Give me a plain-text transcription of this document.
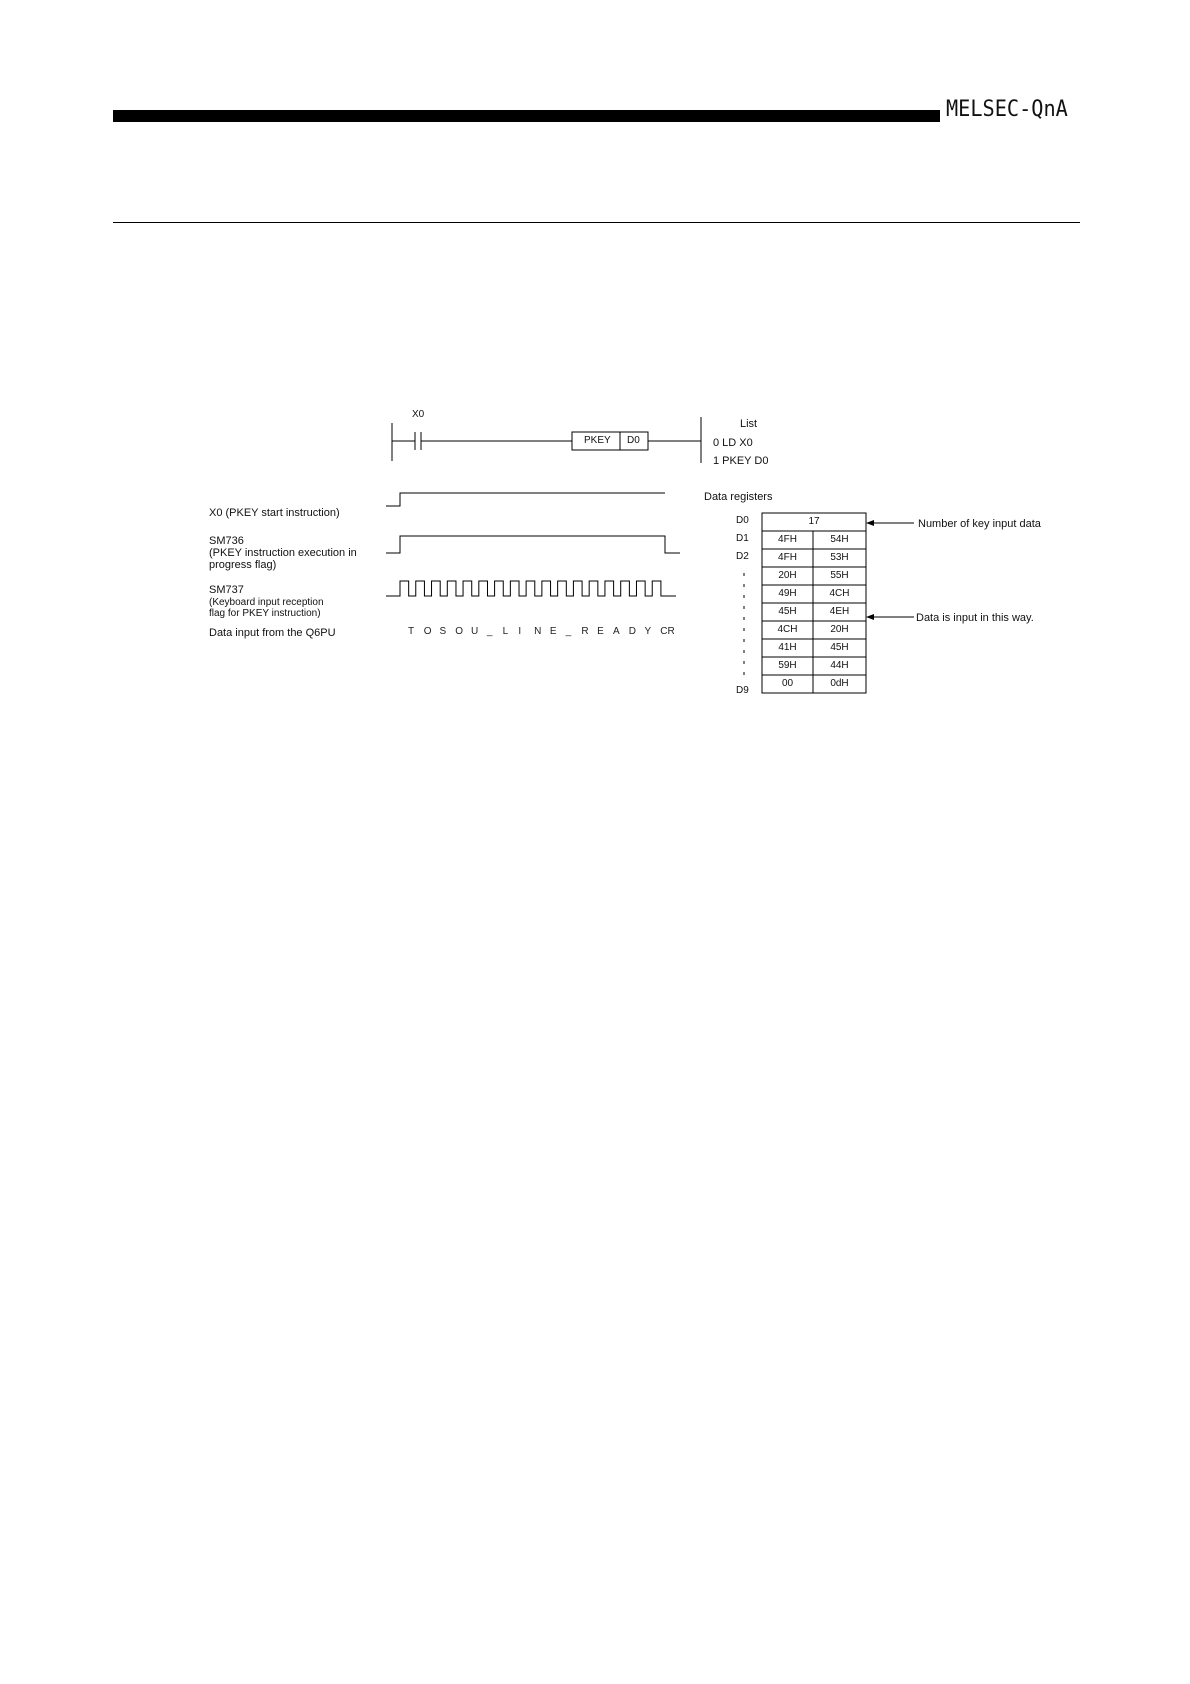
MELSEC-QnA
X0
PKEY D0
List
0 LD X0
1 PKEY D0
X0 (PKEY start instruction)
SM736
(PKEY instruction execution in
progress flag)
SM737
(Keyboard input reception
flag for PKEY instruction)
Data input from the Q6PU	T O S O U _ L I N E _ R E A D Y CR
Data registers
D0
D1
D2
D9
17
4FH	54H
4FH	53H
20H	55H
49H	4CH
45H	4EH
4CH	20H
41H	45H
59H	44H
00	0dH
Number of key input data
Data is input in this way.
